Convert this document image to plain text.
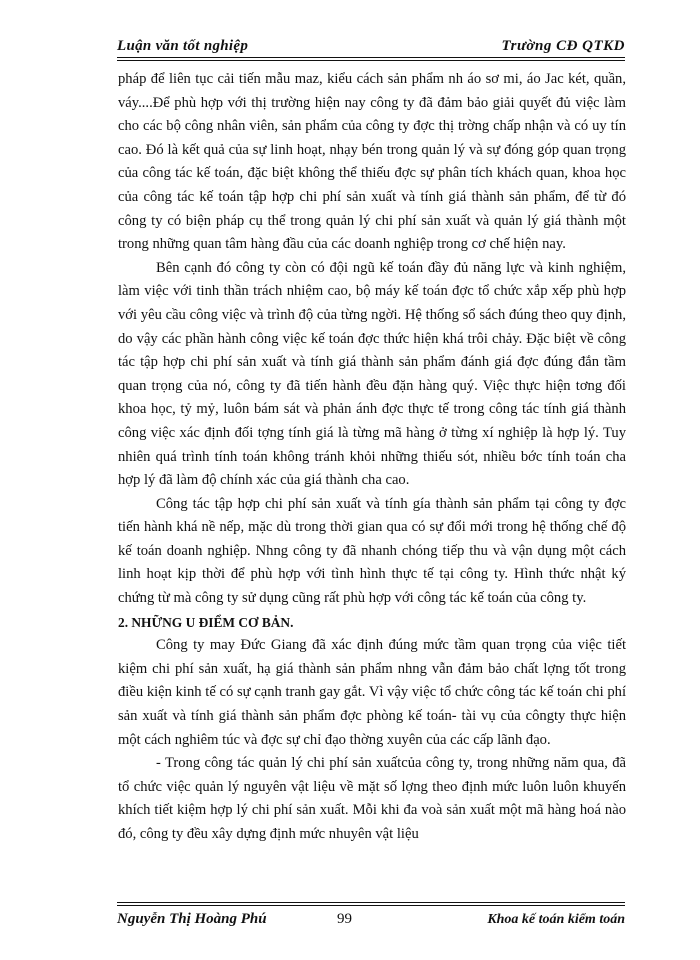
Luận văn tốt nghiệp	Trường CĐ QTKD

pháp để liên tục cải tiến mẫu maz, kiểu cách sản phẩm nh áo sơ mi, áo Jac két, quần, váy....Để phù hợp với thị trường hiện nay công ty đã đảm bảo giải quyết đủ việc làm cho các bộ công nhân viên, sản phẩm của công ty đợc thị trờng chấp nhận và có uy tín cao. Đó là kết quả của sự linh hoạt, nhạy bén trong quản lý và sự đóng góp quan trọng của công tác kế toán, đặc biệt không thể thiếu đợc sự phân tích khách quan, khoa học của công tác kế toán tập hợp chi phí sản xuất và tính giá thành sản phẩm, để từ đó công ty có biện pháp cụ thể trong quản lý chi phí sản xuất và quản lý giá thành một trong những quan tâm hàng đầu của các doanh nghiệp trong cơ chế hiện nay.

Bên cạnh đó công ty còn có đội ngũ kế toán đầy đủ năng lực và kinh nghiệm, làm việc với tinh thần trách nhiệm cao, bộ máy kế toán đợc tổ chức xắp xếp phù hợp với yêu cầu công việc và trình độ của từng ngời. Hệ thống sổ sách đúng theo quy định, do vậy các phần hành công việc kế toán đợc thức hiện khá trôi chảy. Đặc biệt về công tác tập hợp chi phí sản xuất và tính giá thành sản phẩm đánh giá đợc đúng đắn tầm quan trọng của nó, công ty đã tiến hành đều đặn hàng quý. Việc thực hiện tơng đối khoa học, tỷ mỷ, luôn bám sát và phản ánh đợc thực tế trong công tác tính giá thành công việc xác định đối tợng tính giá là từng mã hàng ở từng xí nghiệp là hợp lý. Tuy nhiên quá trình tính toán không tránh khỏi những thiếu sót, nhiều bớc tính toán cha hợp lý đã làm độ chính xác của giá thành cha cao.

Công tác tập hợp chi phí sản xuất và tính gía thành sản phẩm tại công ty đợc tiến hành khá nề nếp, mặc dù trong thời gian qua có sự đổi mới trong hệ thống chế độ kế toán doanh nghiệp. Nhng công ty đã nhanh chóng tiếp thu và vận dụng một cách linh hoạt kịp thời để phù hợp với tình hình thực tế tại công ty. Hình thức nhật ký chứng từ mà công ty sử dụng cũng rất phù hợp với công tác kế toán của công ty.

2. NHỮNG U ĐIỂM CƠ BẢN.

Công ty may Đức Giang đã xác định đúng mức tầm quan trọng của việc tiết kiệm chi phí sản xuất, hạ giá thành sản phẩm nhng vẫn đảm bảo chất lợng tốt trong điều kiện kinh tế có sự cạnh tranh gay gắt. Vì vậy việc tổ chức công tác kế toán chi phí sản xuất và tính giá thành sản phẩm đợc phòng kế toán- tài vụ của côngty thực hiện một cách nghiêm túc và đợc sự chỉ đạo thờng xuyên của các cấp lãnh đạo.

- Trong công tác quản lý chi phí sản xuấtcủa công ty, trong những năm qua, đã tổ chức việc quản lý nguyên vật liệu về mặt số lợng theo định mức luôn luôn khuyến khích tiết kiệm hợp lý chi phí sản xuất. Mỗi khi đa voà sản xuất một mã hàng hoá nào đó, công ty đều xây dựng định mức nhuyên vật liệu

Nguyễn Thị Hoàng Phú	99	Khoa kế toán kiểm toán
